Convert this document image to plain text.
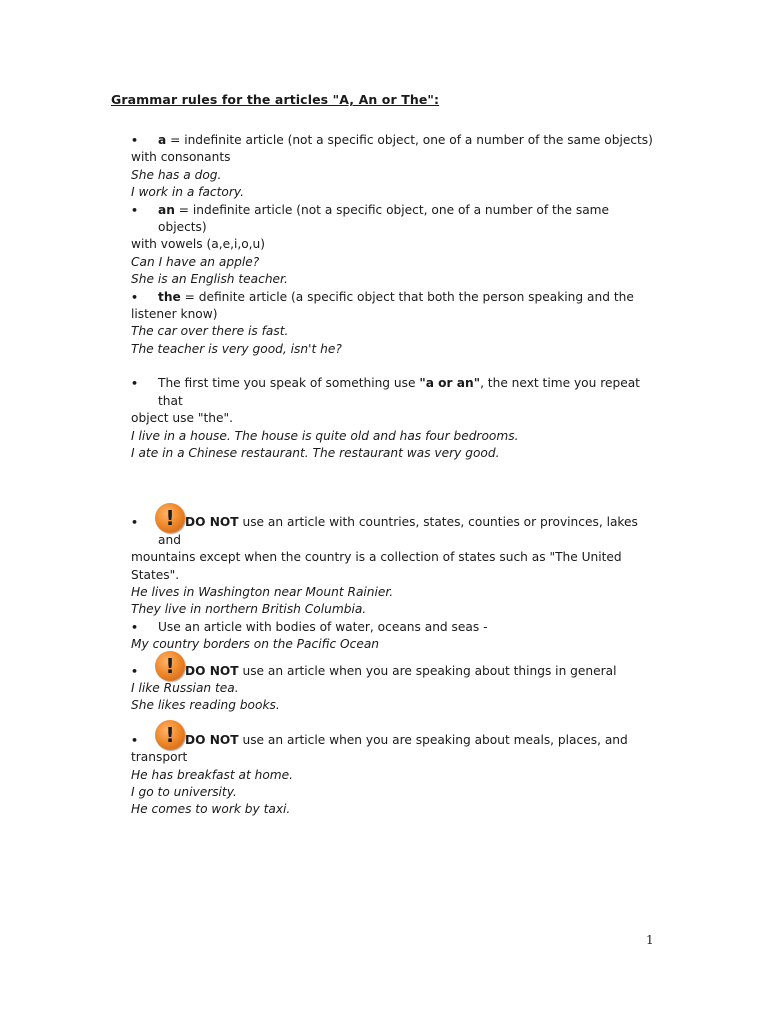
Grammar rules for the articles "A, An or The":
•	a = indefinite article (not a specific object, one of a number of the same objects)
with consonants
She has a dog.
I work in a factory.
•	an = indefinite article (not a specific object, one of a number of the same objects)
with vowels (a,e,i,o,u)
Can I have an apple?
She is an English teacher.
•	the = definite article (a specific object that both the person speaking and the
listener know)
The car over there is fast.
The teacher is very good, isn't he?
•	The first time you speak of something use "a or an", the next time you repeat that
object use "the".
I live in a house. The house is quite old and has four bedrooms.
I ate in a Chinese restaurant. The restaurant was very good.
•	! DO NOT use an article with countries, states, counties or provinces, lakes and
mountains except when the country is a collection of states such as "The United States".
He lives in Washington near Mount Rainier.
They live in northern British Columbia.
•	Use an article with bodies of water, oceans and seas -
My country borders on the Pacific Ocean
•	! DO NOT use an article when you are speaking about things in general
I like Russian tea.
She likes reading books.
•	! DO NOT use an article when you are speaking about meals, places, and
transport
He has breakfast at home.
I go to university.
He comes to work by taxi.
1
